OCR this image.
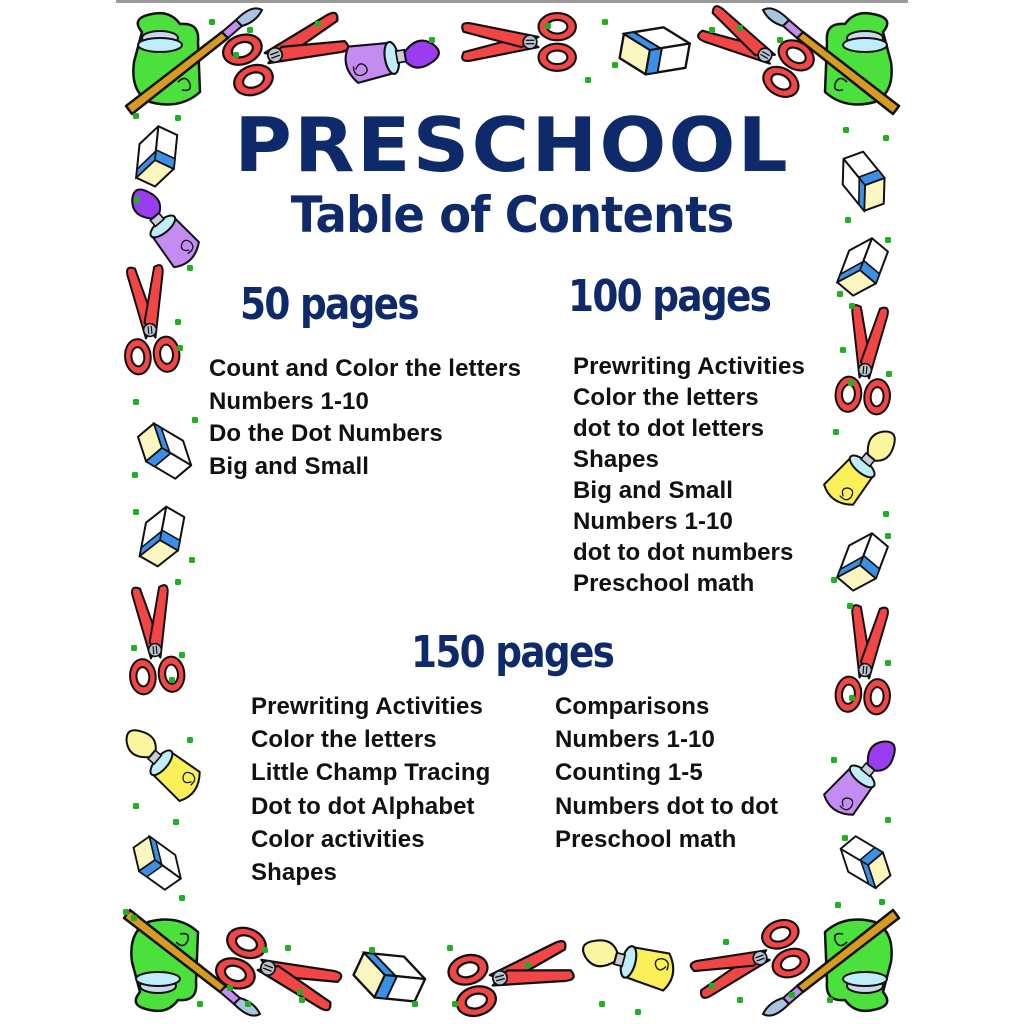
PRESCHOOL
Table of Contents
50 pages
Count and Color the letters
Numbers 1-10
Do the Dot Numbers
Big and Small
100 pages
Prewriting Activities
Color the letters
dot to dot letters
Shapes
Big and Small
Numbers 1-10
dot to dot numbers
Preschool math
150 pages
Prewriting Activities
Color the letters
Little Champ Tracing
Dot to dot Alphabet
Color activities
Shapes
Comparisons
Numbers 1-10
Counting 1-5
Numbers dot to dot
Preschool math
